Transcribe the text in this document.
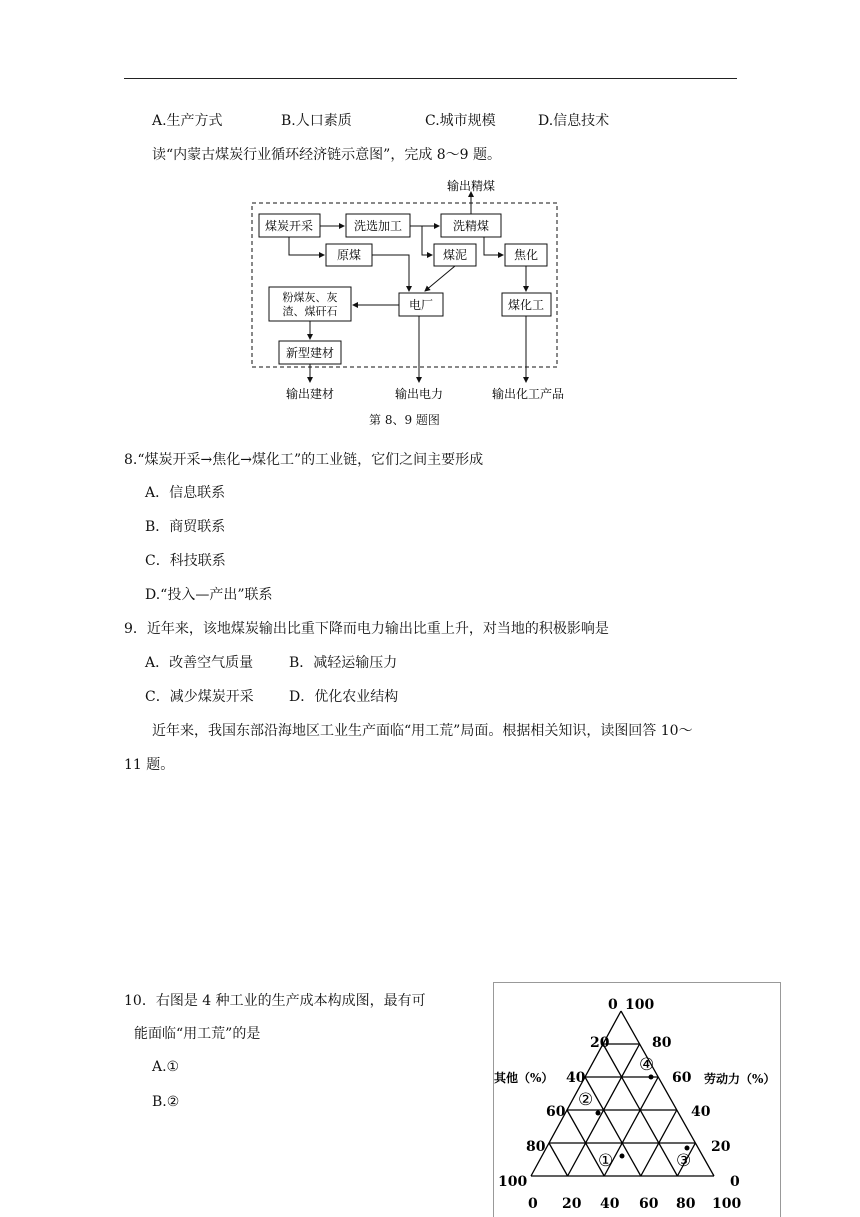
A.生产方式	B.人口素质	C.城市规模	D.信息技术
读“内蒙古煤炭行业循环经济链示意图”，完成 8～9 题。
煤炭开采	洗选加工	洗精煤
原煤	煤泥	焦化
粉煤灰、灰
渣、煤矸石	电厂	煤化工
新型建材
输出精煤
输出建材	输出电力	输出化工产品
第 8、9 题图
8.“煤炭开采→焦化→煤化工”的工业链，它们之间主要形成
A．信息联系
B．商贸联系
C．科技联系
D.“投入—产出”联系
9．近年来，该地煤炭输出比重下降而电力输出比重上升，对当地的积极影响是
A．改善空气质量	B．减轻运输压力
C．减少煤炭开采	D．优化农业结构
近年来，我国东部沿海地区工业生产面临“用工荒”局面。根据相关知识，读图回答 10～
11 题。
10．右图是 4 种工业的生产成本构成图，最有可
能面临“用工荒”的是
A.①
B.②
0 100
20
40
60
80
100
80
60
40
20
0
0 20 40 60 80 100
其他（%）	劳动力（%）
①
②
③
④
